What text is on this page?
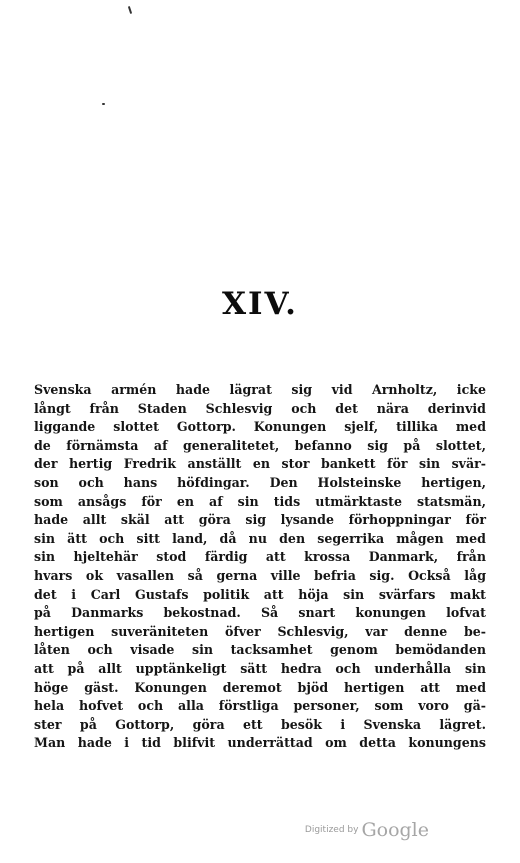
XIV.
Svenska armén hade lägrat sig vid Arnholtz, icke
långt från Staden Schlesvig och det nära derinvid
liggande slottet Gottorp. Konungen sjelf, tillika med
de förnämsta af generalitetet, befanno sig på slottet,
der hertig Fredrik anställt en stor bankett för sin svär-
son och hans höfdingar. Den Holsteinske hertigen,
som ansågs för en af sin tids utmärktaste statsmän,
hade allt skäl att göra sig lysande förhoppningar för
sin ätt och sitt land, då nu den segerrika mågen med
sin hjeltehär stod färdig att krossa Danmark, från
hvars ok vasallen så gerna ville befria sig. Också låg
det i Carl Gustafs politik att höja sin svärfars makt
på Danmarks bekostnad. Så snart konungen lofvat
hertigen suveräniteten öfver Schlesvig, var denne be-
låten och visade sin tacksamhet genom bemödanden
att på allt upptänkeligt sätt hedra och underhålla sin
höge gäst. Konungen deremot bjöd hertigen att med
hela hofvet och alla förstliga personer, som voro gä-
ster på Gottorp, göra ett besök i Svenska lägret.
Man hade i tid blifvit underrättad om detta konungens
Digitized by Google
